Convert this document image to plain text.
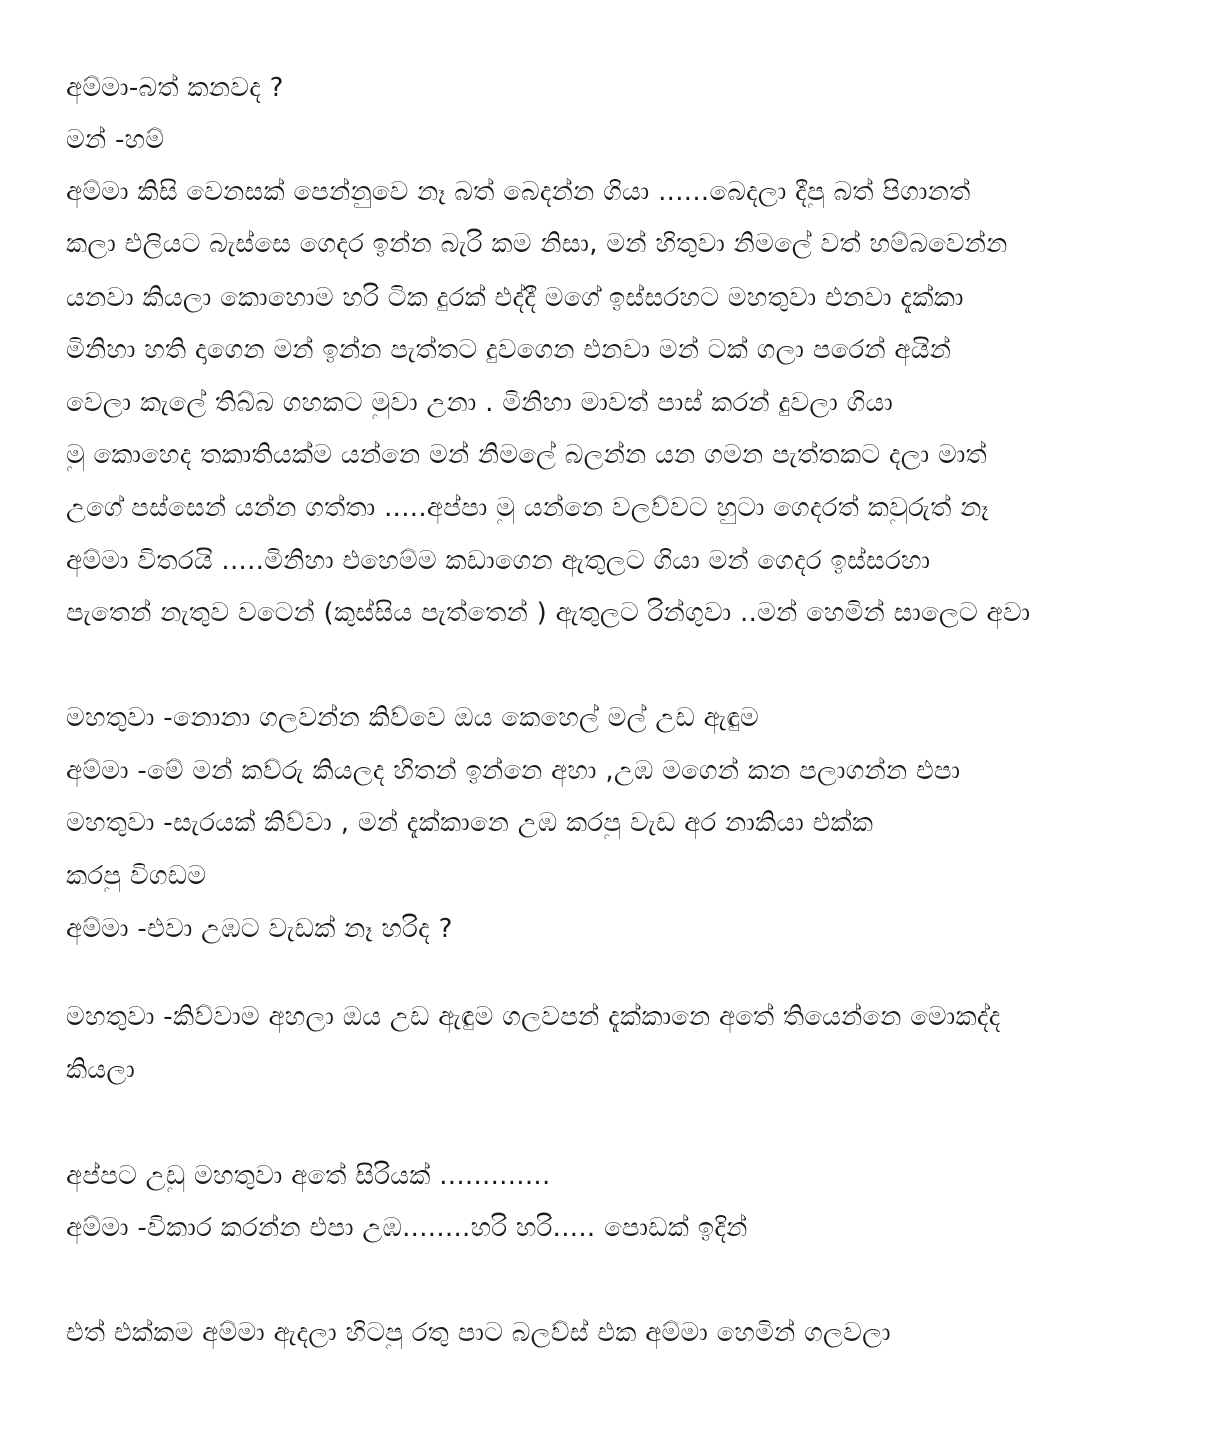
අම්මා-බත් කනවද ?
මන් -හම්
අම්මා කිසි වෙනසක් පෙන්නුවෙ නෑ බත් බෙදන්න ගියා ......බෙදලා දීපු බත් පිගානත්
කලා එලියට බැස්සෙ ගෙදර ඉන්න බැරි කම නිසා, මන් හිතුවා නිමලේ වත් හම්බවෙන්න
යනවා කියලා කොහොම හරි ටික දුරක් එද්දී මගේ ඉස්සරහට මහතුවා එනවා දැක්කා
මිනිහා හති දාගෙන මන් ඉන්න පැත්තට දුවගෙන එනවා මන් ටක් ගලා පරෙන් අයින්
වෙලා කැලේ තිබ්බ ගහකට මුවා උනා . මිනිහා මාවත් පාස් කරන් දුවලා ගියා
මු කොහෙද තකාතියක්ම යන්නෙ මන් නිමලේ බලන්න යන ගමන පැත්තකට දලා මාත්
උගේ පස්සෙන් යන්න ගත්තා .....අප්පා මු යන්නෙ වලව්වට හුටා ගෙදරත් කවුරුත් නෑ
අම්මා විතරයි .....මිනිහා එහෙම්ම කඩාගෙන ඇතුලට ගියා මන් ගෙදර ඉස්සරහා
පැතෙන් නැතුව වටෙන් (කුස්සිය පැත්තෙන් ) ඇතුලට රින්ගුවා ..මන් හෙමින් සාලෙට අවා
මහතුවා -නොනා ගලවන්න කිව්වෙ ඔය කෙහෙල් මල් උඩ ඇඳුම
අම්මා -මේ මන් කව්රු කියලද හිතන් ඉන්නෙ අහා ,උඹ මගෙන් කන පලාගන්න එපා
මහතුවා -සැරයක් කිව්වා , මන් දැක්කානෙ උඹ කරපු වැඩ අර නාකියා එක්ක
කරපු විගඩම
අම්මා -එවා උඹට වැඩක් නෑ හරිද ?
මහතුවා -කිව්වාම අහලා ඔය උඩ ඇඳුම ගලවපන් දැක්කානෙ අතේ තියෙන්නෙ මොකද්ද
කියලා
අප්පට උඩු මහතුවා අතේ සිරියක් .............
අම්මා -විකාර කරන්න එපා උඹ........හරි හරි..... පොඩක් ඉදින්
එත් එක්කම අම්මා ඇදලා හිටපු රතු පාට බලව්ස් එක අම්මා හෙමින් ගලවලා
